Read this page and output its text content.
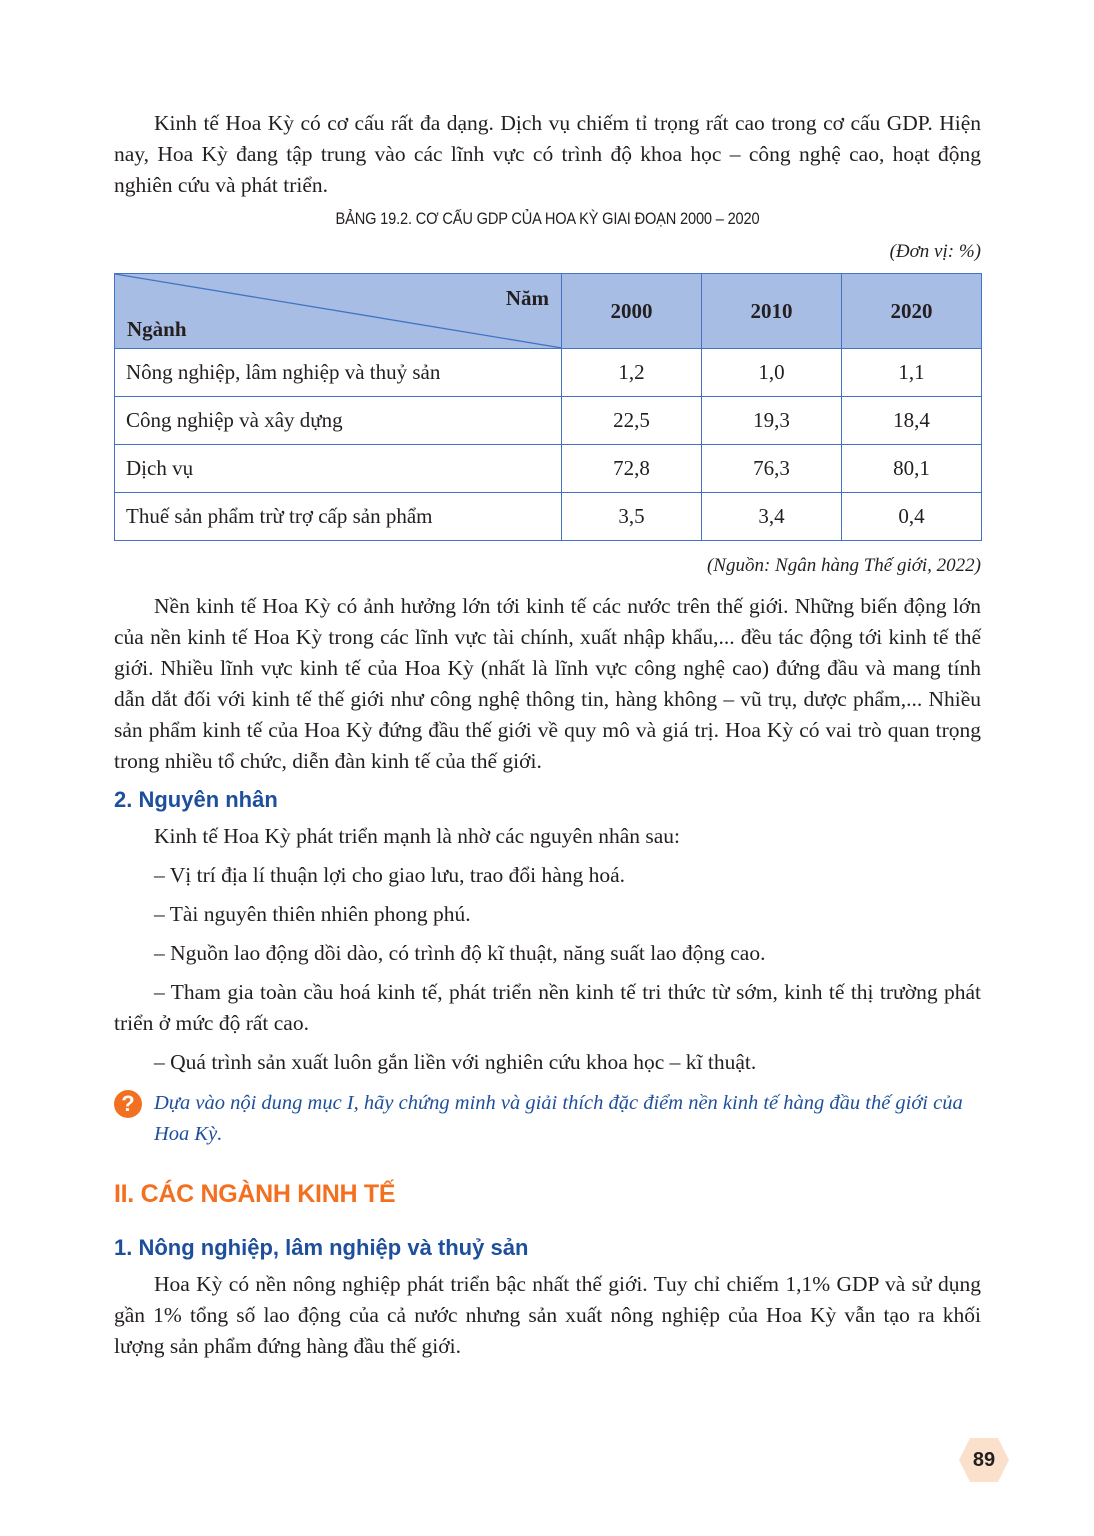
Kinh tế Hoa Kỳ có cơ cấu rất đa dạng. Dịch vụ chiếm tỉ trọng rất cao trong cơ cấu GDP. Hiện nay, Hoa Kỳ đang tập trung vào các lĩnh vực có trình độ khoa học – công nghệ cao, hoạt động nghiên cứu và phát triển.

BẢNG 19.2. CƠ CẤU GDP CỦA HOA KỲ GIAI ĐOẠN 2000 – 2020

(Đơn vị: %)

Năm
Ngành	2000	2010	2020
Nông nghiệp, lâm nghiệp và thuỷ sản	1,2	1,0	1,1
Công nghiệp và xây dựng	22,5	19,3	18,4
Dịch vụ	72,8	76,3	80,1
Thuế sản phẩm trừ trợ cấp sản phẩm	3,5	3,4	0,4

(Nguồn: Ngân hàng Thế giới, 2022)

Nền kinh tế Hoa Kỳ có ảnh hưởng lớn tới kinh tế các nước trên thế giới. Những biến động lớn của nền kinh tế Hoa Kỳ trong các lĩnh vực tài chính, xuất nhập khẩu,... đều tác động tới kinh tế thế giới. Nhiều lĩnh vực kinh tế của Hoa Kỳ (nhất là lĩnh vực công nghệ cao) đứng đầu và mang tính dẫn dắt đối với kinh tế thế giới như công nghệ thông tin, hàng không – vũ trụ, dược phẩm,... Nhiều sản phẩm kinh tế của Hoa Kỳ đứng đầu thế giới về quy mô và giá trị. Hoa Kỳ có vai trò quan trọng trong nhiều tổ chức, diễn đàn kinh tế của thế giới.

2. Nguyên nhân

Kinh tế Hoa Kỳ phát triển mạnh là nhờ các nguyên nhân sau:

– Vị trí địa lí thuận lợi cho giao lưu, trao đổi hàng hoá.

– Tài nguyên thiên nhiên phong phú.

– Nguồn lao động dồi dào, có trình độ kĩ thuật, năng suất lao động cao.

– Tham gia toàn cầu hoá kinh tế, phát triển nền kinh tế tri thức từ sớm, kinh tế thị trường phát triển ở mức độ rất cao.

– Quá trình sản xuất luôn gắn liền với nghiên cứu khoa học – kĩ thuật.

? Dựa vào nội dung mục I, hãy chứng minh và giải thích đặc điểm nền kinh tế hàng đầu thế giới của Hoa Kỳ.

II. CÁC NGÀNH KINH TẾ
1. Nông nghiệp, lâm nghiệp và thuỷ sản

Hoa Kỳ có nền nông nghiệp phát triển bậc nhất thế giới. Tuy chỉ chiếm 1,1% GDP và sử dụng gần 1% tổng số lao động của cả nước nhưng sản xuất nông nghiệp của Hoa Kỳ vẫn tạo ra khối lượng sản phẩm đứng hàng đầu thế giới.

89
